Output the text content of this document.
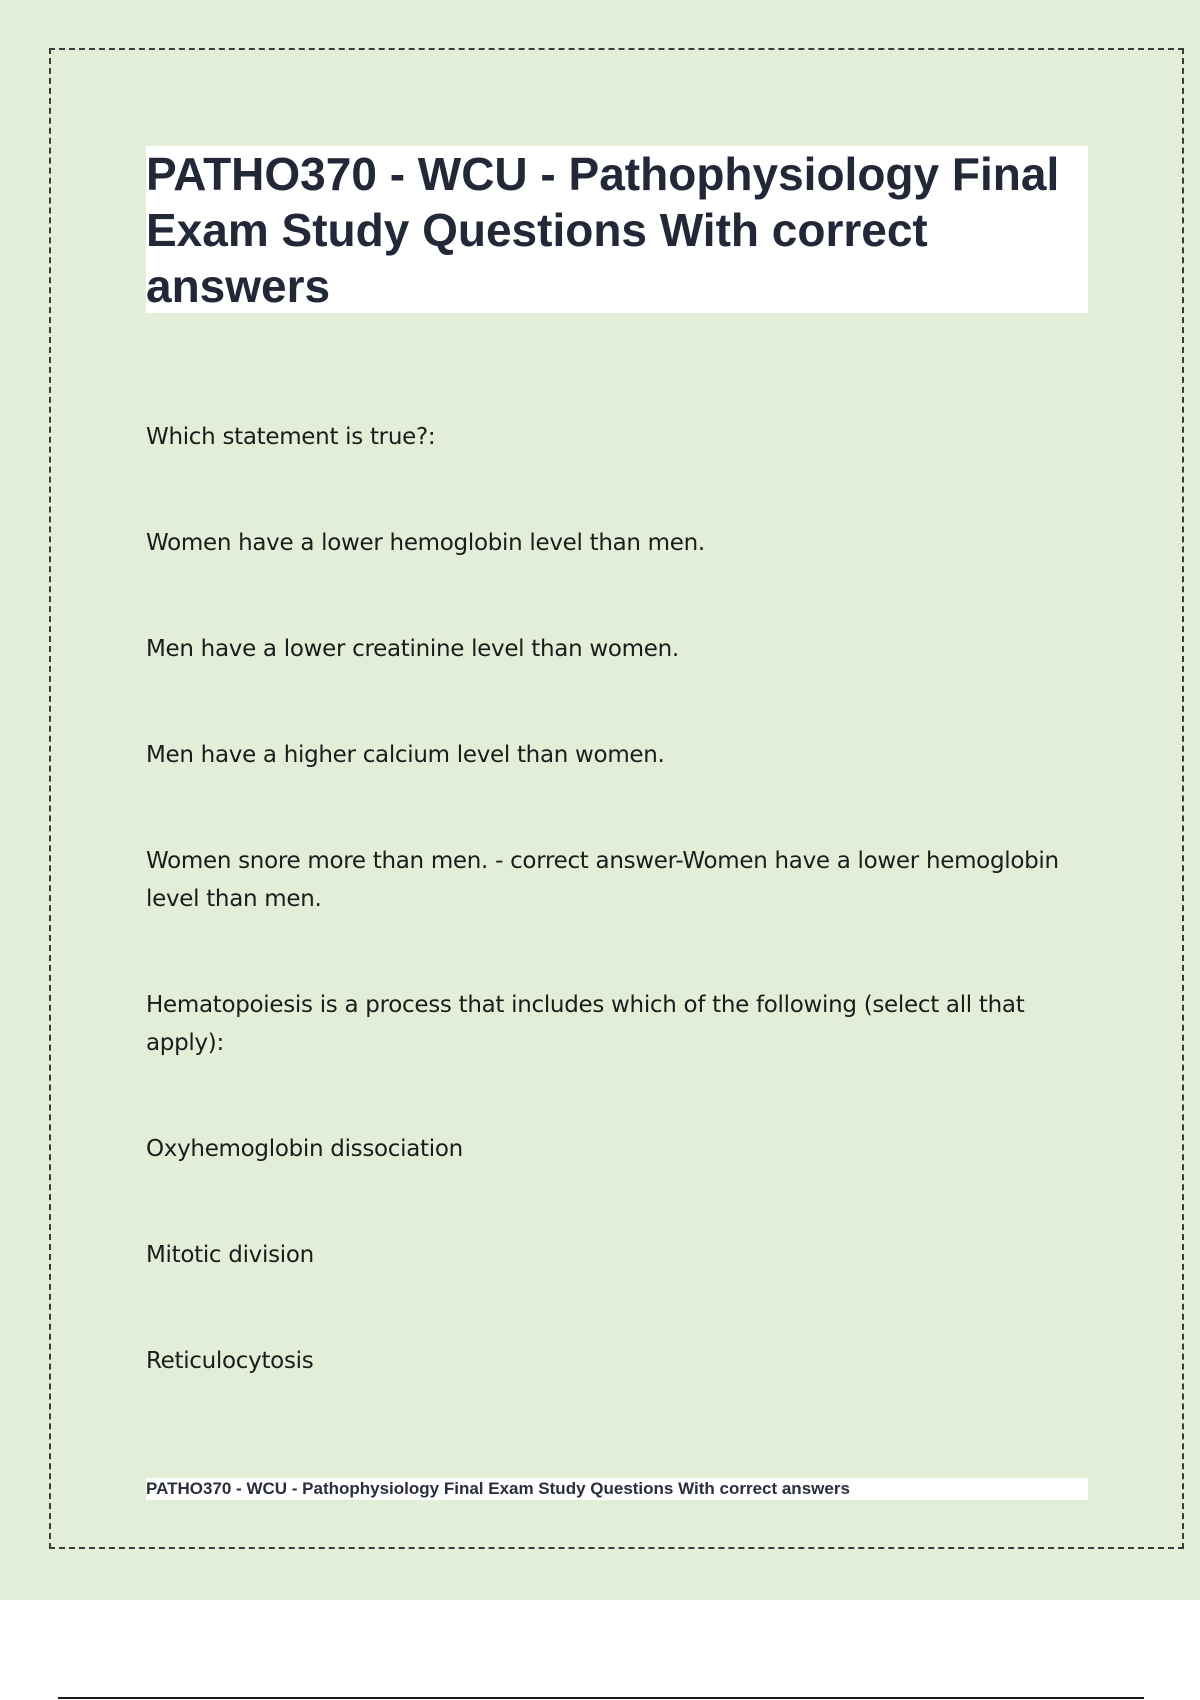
PATHO370 - WCU - Pathophysiology Final Exam Study Questions With correct answers

Which statement is true?:

Women have a lower hemoglobin level than men.

Men have a lower creatinine level than women.

Men have a higher calcium level than women.

Women snore more than men. - correct answer-Women have a lower hemoglobin level than men.

Hematopoiesis is a process that includes which of the following (select all that apply):

Oxyhemoglobin dissociation

Mitotic division

Reticulocytosis

PATHO370 - WCU - Pathophysiology Final Exam Study Questions With correct answers
